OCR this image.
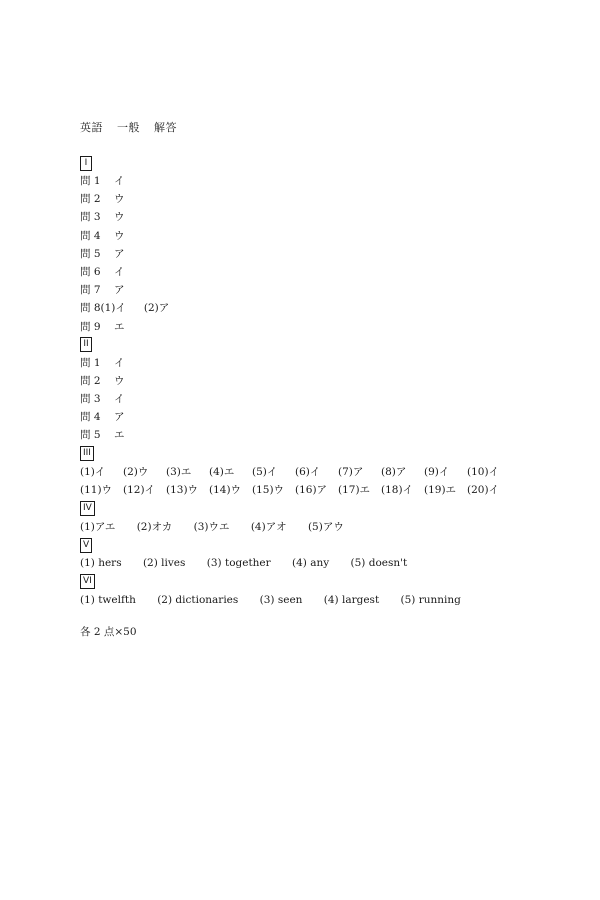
英語 一般 解答
I
問 1 イ
問 2 ウ
問 3 ウ
問 4 ウ
問 5 ア
問 6 イ
問 7 ア
問 8(1)イ (2)ア
問 9 エ
II
問 1 イ
問 2 ウ
問 3 イ
問 4 ア
問 5 エ
III
(1)イ (2)ウ (3)エ (4)エ (5)イ (6)イ (7)ア (8)ア (9)イ (10)イ
(11)ウ (12)イ (13)ウ (14)ウ (15)ウ (16)ア (17)エ (18)イ (19)エ (20)イ
IV
(1)アエ (2)オカ (3)ウエ (4)アオ (5)アウ
V
(1) hers (2) lives (3) together (4) any (5) doesn't
VI
(1) twelfth (2) dictionaries (3) seen (4) largest (5) running
各 2 点×50
